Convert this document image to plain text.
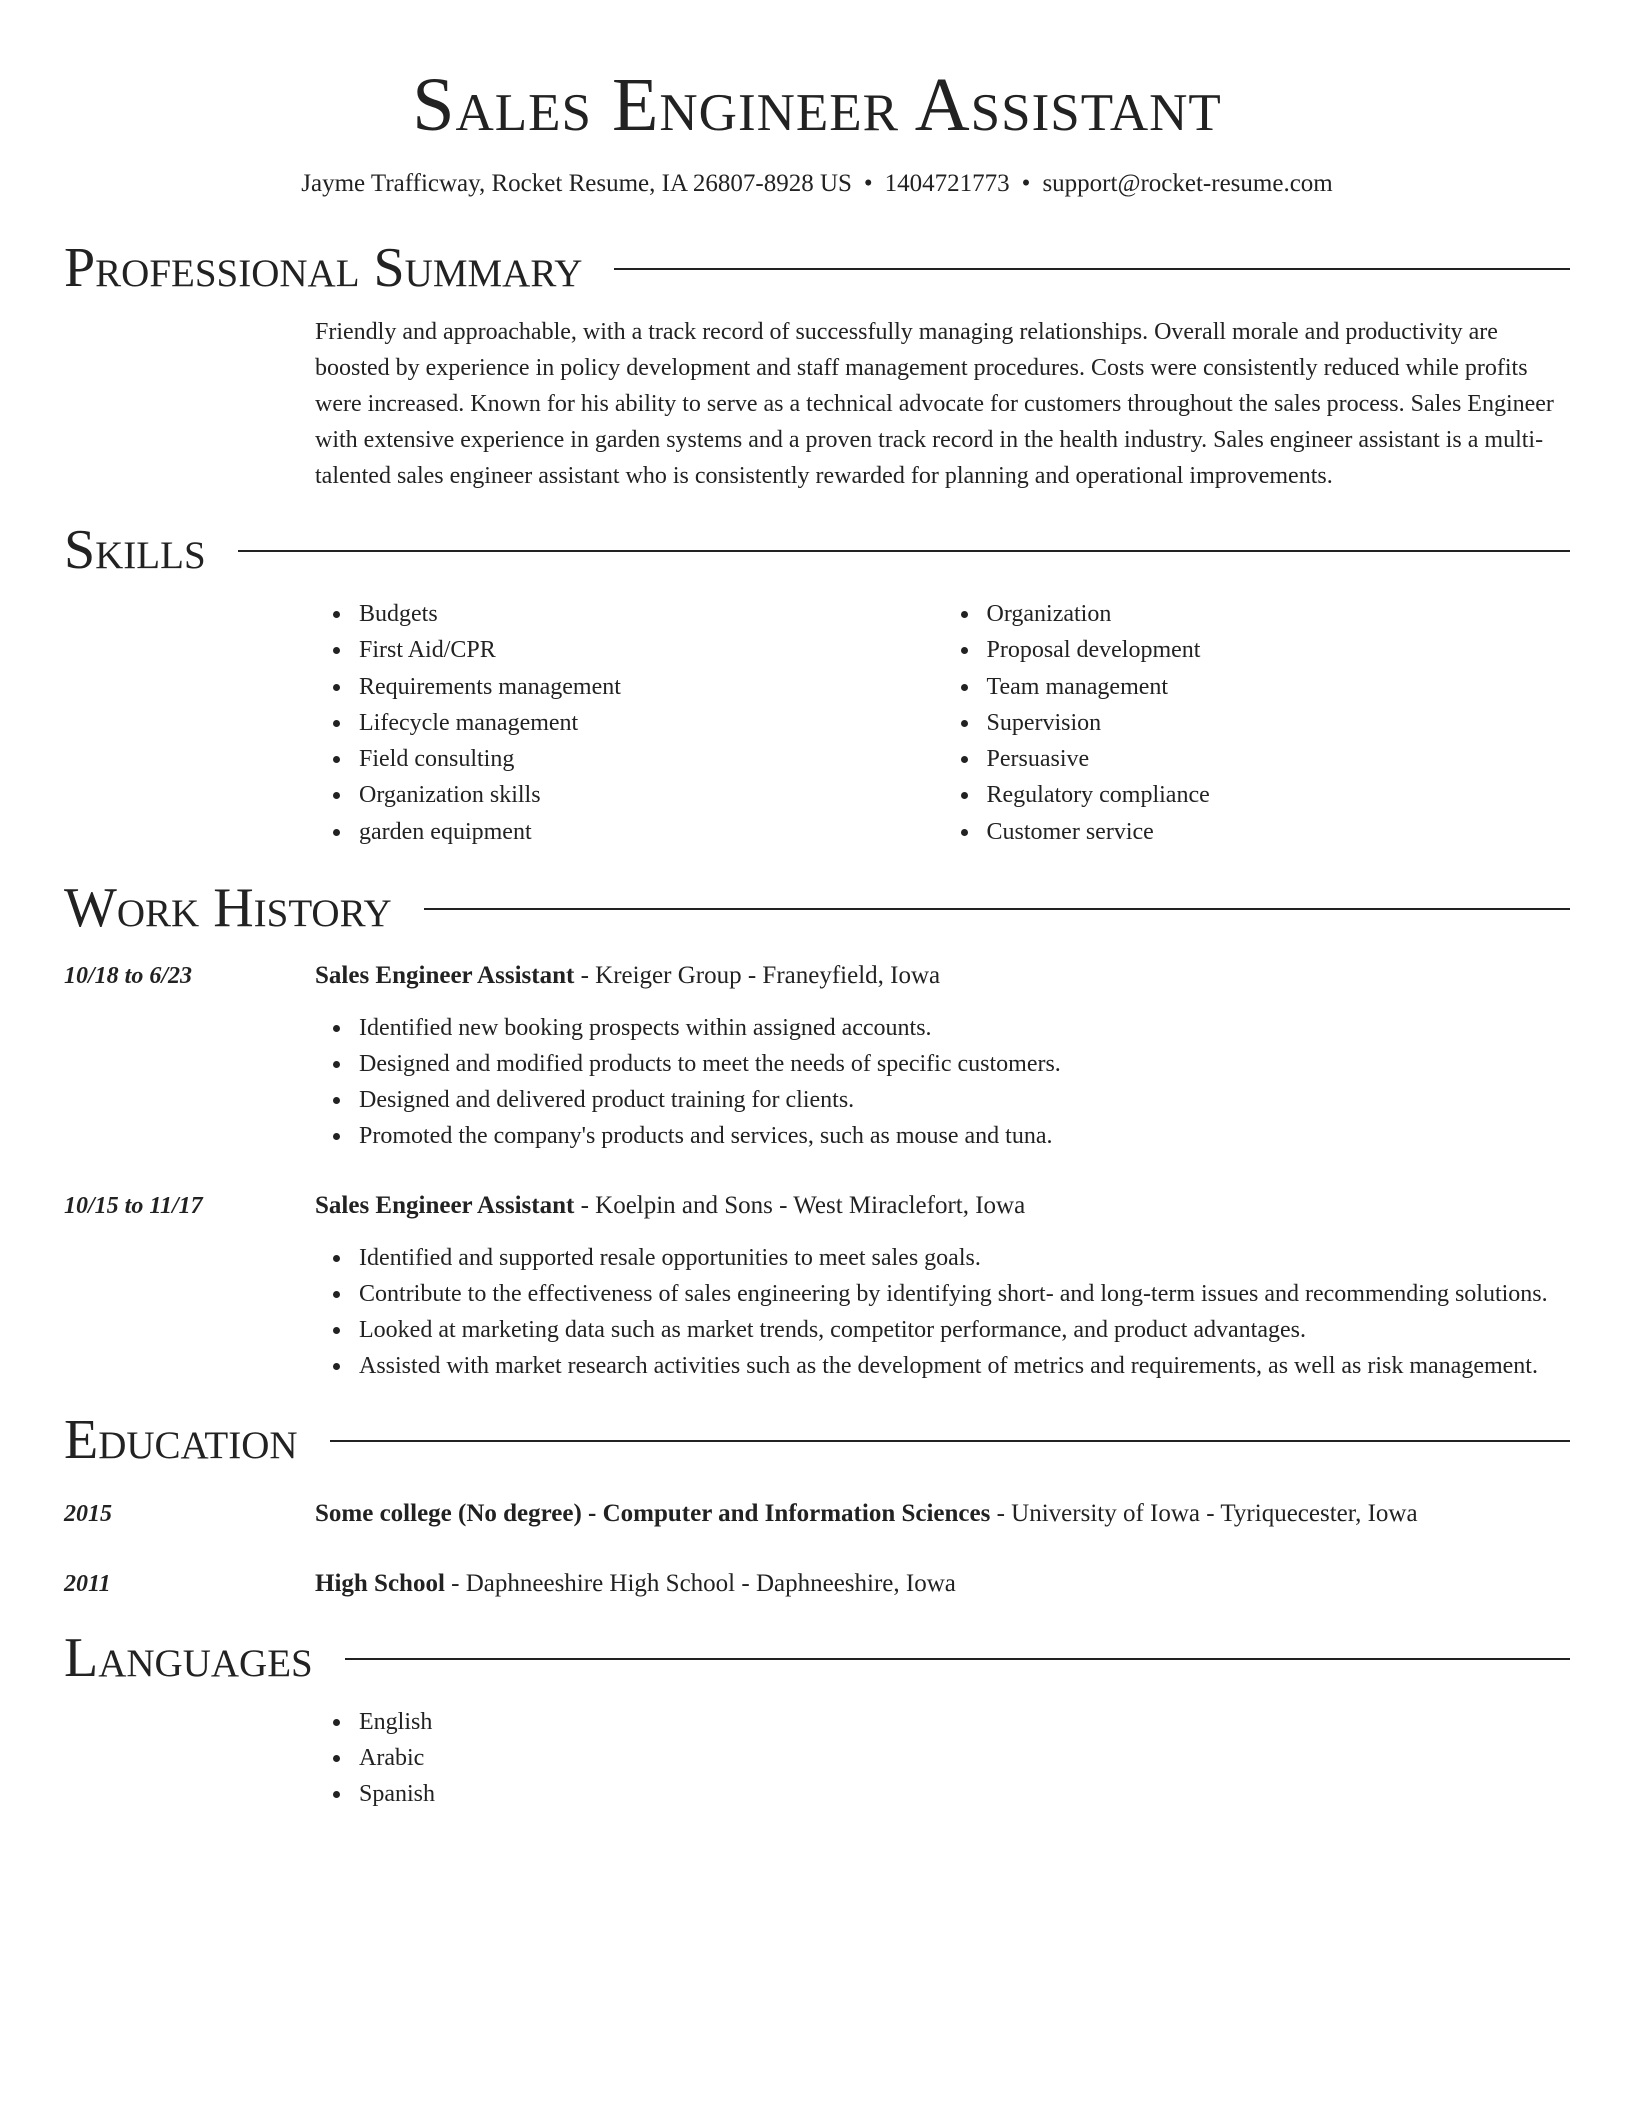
Sales Engineer Assistant
Jayme Trafficway, Rocket Resume, IA 26807-8928 US • 1404721773 • support@rocket-resume.com
Professional Summary
Friendly and approachable, with a track record of successfully managing relationships. Overall morale and productivity are boosted by experience in policy development and staff management procedures. Costs were consistently reduced while profits were increased. Known for his ability to serve as a technical advocate for customers throughout the sales process. Sales Engineer with extensive experience in garden systems and a proven track record in the health industry. Sales engineer assistant is a multi-talented sales engineer assistant who is consistently rewarded for planning and operational improvements.
Skills
Budgets
First Aid/CPR
Requirements management
Lifecycle management
Field consulting
Organization skills
garden equipment
Organization
Proposal development
Team management
Supervision
Persuasive
Regulatory compliance
Customer service
Work History
10/18 to 6/23	Sales Engineer Assistant - Kreiger Group - Franeyfield, Iowa
Identified new booking prospects within assigned accounts.
Designed and modified products to meet the needs of specific customers.
Designed and delivered product training for clients.
Promoted the company's products and services, such as mouse and tuna.
10/15 to 11/17	Sales Engineer Assistant - Koelpin and Sons - West Miraclefort, Iowa
Identified and supported resale opportunities to meet sales goals.
Contribute to the effectiveness of sales engineering by identifying short- and long-term issues and recommending solutions.
Looked at marketing data such as market trends, competitor performance, and product advantages.
Assisted with market research activities such as the development of metrics and requirements, as well as risk management.
Education
2015	Some college (No degree) - Computer and Information Sciences - University of Iowa - Tyriquecester, Iowa
2011	High School - Daphneeshire High School - Daphneeshire, Iowa
Languages
English
Arabic
Spanish
